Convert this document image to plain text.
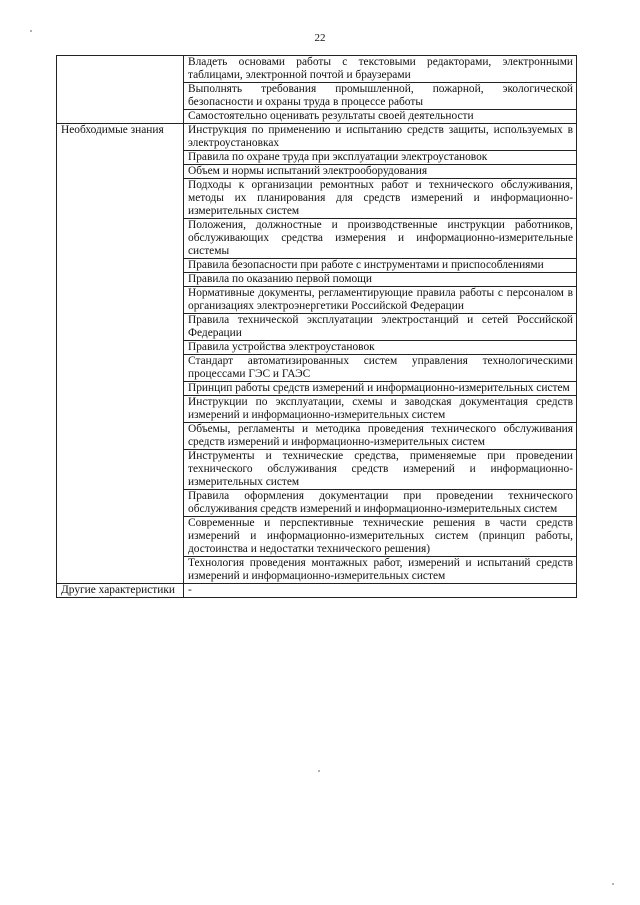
22
	Владеть основами работы с текстовыми редакторами, электронными таблицами, электронной почтой и браузерами
	Выполнять требования промышленной, пожарной, экологической безопасности и охраны труда в процессе работы
	Самостоятельно оценивать результаты своей деятельности
Необходимые знания	Инструкция по применению и испытанию средств защиты, используемых в электроустановках
	Правила по охране труда при эксплуатации электроустановок
	Объем и нормы испытаний электрооборудования
	Подходы к организации ремонтных работ и технического обслуживания, методы их планирования для средств измерений и информационно-измерительных систем
	Положения, должностные и производственные инструкции работников, обслуживающих средства измерения и информационно-измерительные системы
	Правила безопасности при работе с инструментами и приспособлениями
	Правила по оказанию первой помощи
	Нормативные документы, регламентирующие правила работы с персоналом в организациях электроэнергетики Российской Федерации
	Правила технической эксплуатации электростанций и сетей Российской Федерации
	Правила устройства электроустановок
	Стандарт автоматизированных систем управления технологическими процессами ГЭС и ГАЭС
	Принцип работы средств измерений и информационно-измерительных систем
	Инструкции по эксплуатации, схемы и заводская документация средств измерений и информационно-измерительных систем
	Объемы, регламенты и методика проведения технического обслуживания средств измерений и информационно-измерительных систем
	Инструменты и технические средства, применяемые при проведении технического обслуживания средств измерений и информационно-измерительных систем
	Правила оформления документации при проведении технического обслуживания средств измерений и информационно-измерительных систем
	Современные и перспективные технические решения в части средств измерений и информационно-измерительных систем (принцип работы, достоинства и недостатки технического решения)
	Технология проведения монтажных работ, измерений и испытаний средств измерений и информационно-измерительных систем
Другие характеристики	-
